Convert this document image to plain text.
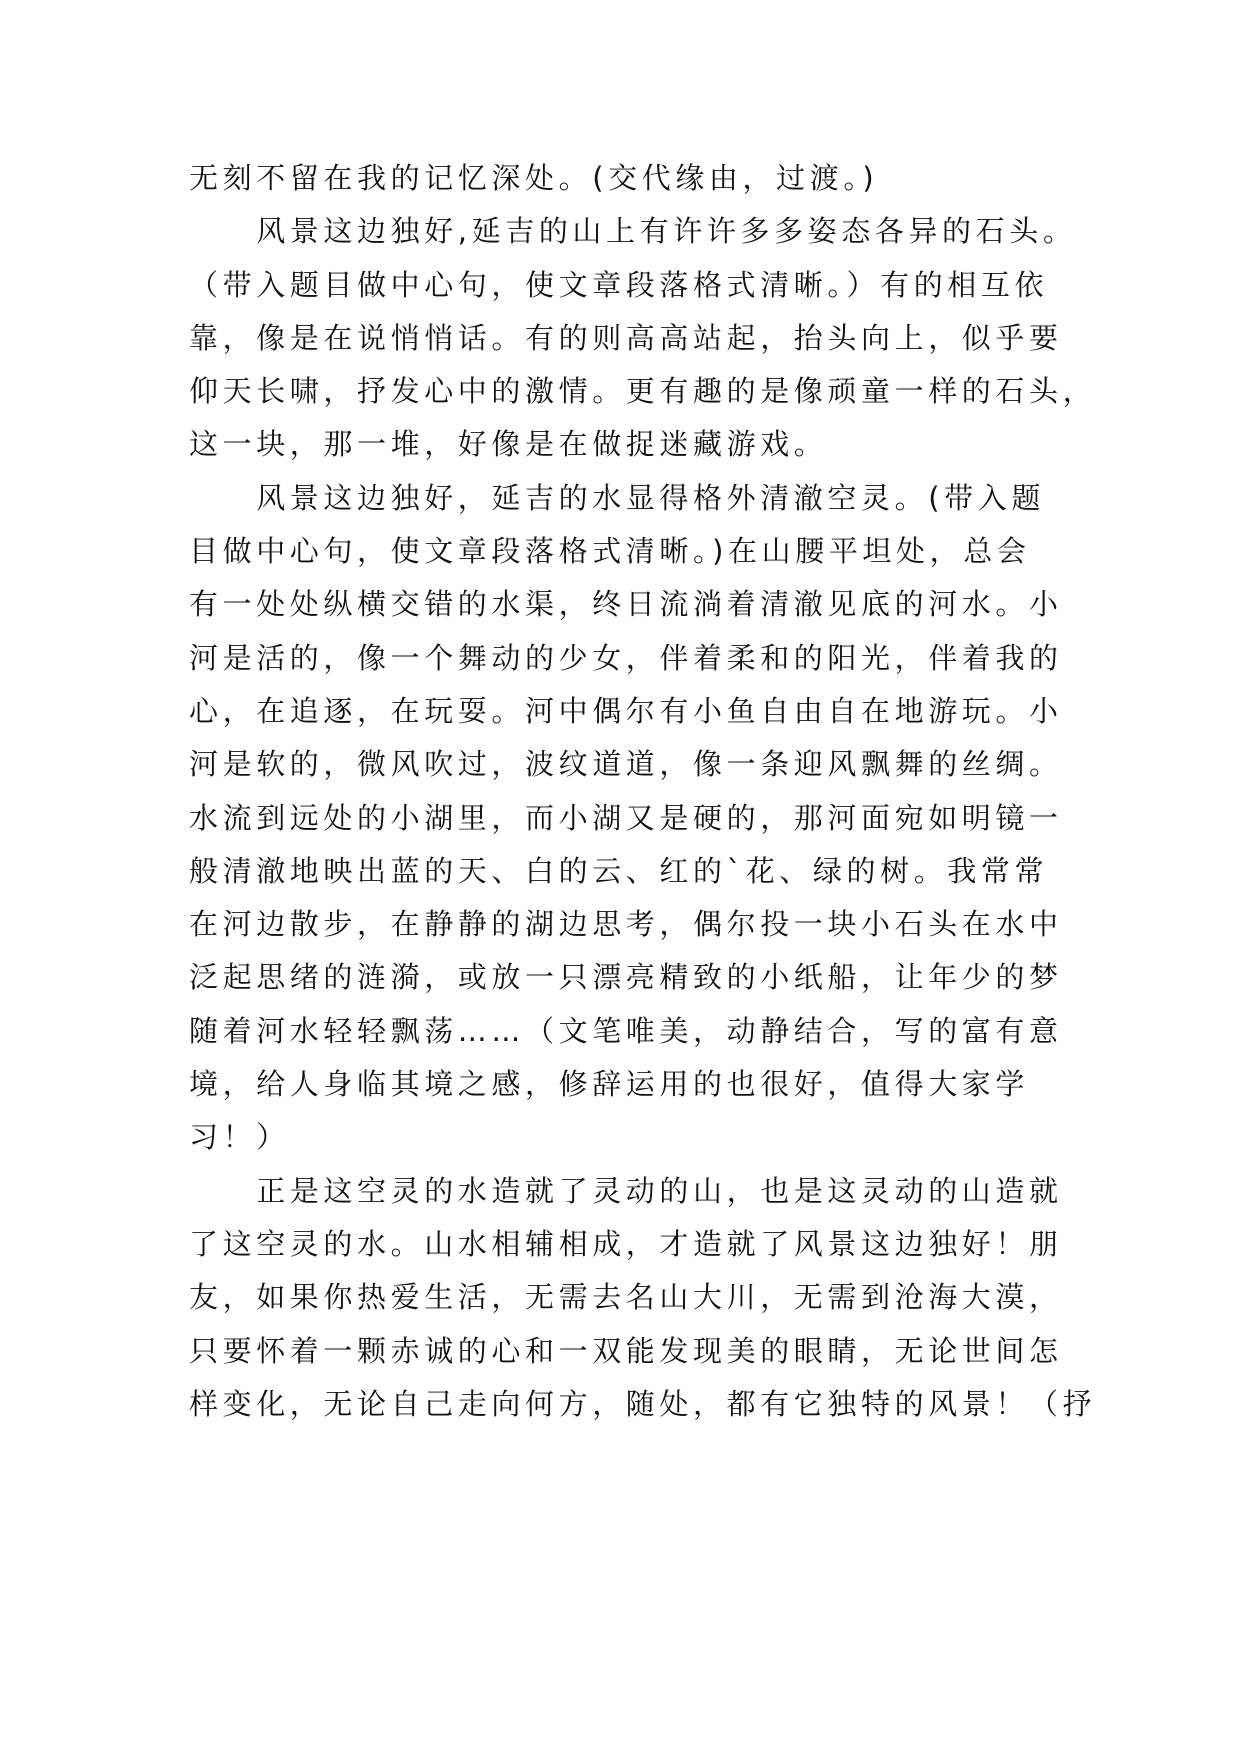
无刻不留在我的记忆深处。(交代缘由，过渡。)
　　风景这边独好,延吉的山上有许许多多姿态各异的石头。
（带入题目做中心句，使文章段落格式清晰。）有的相互依
靠，像是在说悄悄话。有的则高高站起，抬头向上，似乎要
仰天长啸，抒发心中的激情。更有趣的是像顽童一样的石头，
这一块，那一堆，好像是在做捉迷藏游戏。
　　风景这边独好，延吉的水显得格外清澈空灵。(带入题
目做中心句，使文章段落格式清晰。)在山腰平坦处，总会
有一处处纵横交错的水渠，终日流淌着清澈见底的河水。小
河是活的，像一个舞动的少女，伴着柔和的阳光，伴着我的
心，在追逐，在玩耍。河中偶尔有小鱼自由自在地游玩。小
河是软的，微风吹过，波纹道道，像一条迎风飘舞的丝绸。
水流到远处的小湖里，而小湖又是硬的，那河面宛如明镜一
般清澈地映出蓝的天、白的云、红的`花、绿的树。我常常
在河边散步，在静静的湖边思考，偶尔投一块小石头在水中
泛起思绪的涟漪，或放一只漂亮精致的小纸船，让年少的梦
随着河水轻轻飘荡……（文笔唯美，动静结合，写的富有意
境，给人身临其境之感，修辞运用的也很好，值得大家学
习！）
　　正是这空灵的水造就了灵动的山，也是这灵动的山造就
了这空灵的水。山水相辅相成，才造就了风景这边独好！朋
友，如果你热爱生活，无需去名山大川，无需到沧海大漠，
只要怀着一颗赤诚的心和一双能发现美的眼睛，无论世间怎
样变化，无论自己走向何方，随处，都有它独特的风景！（抒
